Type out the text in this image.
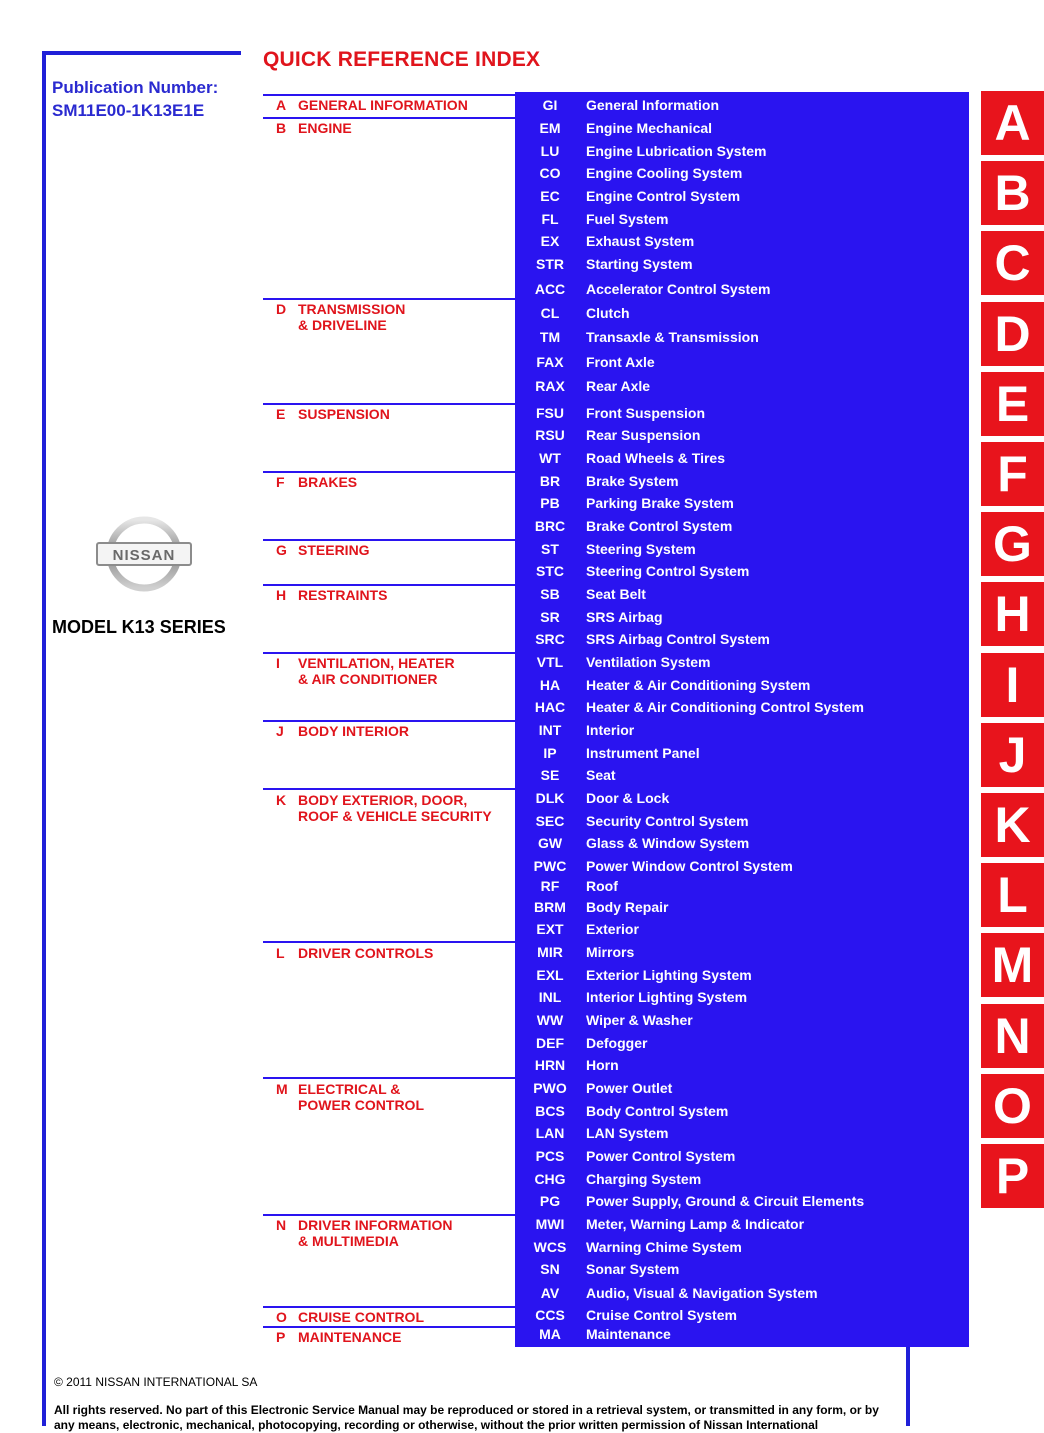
Publication Number:
SM11E00-1K13E1E
QUICK REFERENCE INDEX
NISSAN
MODEL K13 SERIES
A GENERAL INFORMATION
B ENGINE
D TRANSMISSION
& DRIVELINE
E SUSPENSION
F BRAKES
G STEERING
H RESTRAINTS
I VENTILATION, HEATER
& AIR CONDITIONER
J BODY INTERIOR
K BODY EXTERIOR, DOOR,
ROOF & VEHICLE SECURITY
L DRIVER CONTROLS
M ELECTRICAL &
POWER CONTROL
N DRIVER INFORMATION
& MULTIMEDIA
O CRUISE CONTROL
P MAINTENANCE
GI	General Information
EM	Engine Mechanical
LU	Engine Lubrication System
CO	Engine Cooling System
EC	Engine Control System
FL	Fuel System
EX	Exhaust System
STR	Starting System
ACC	Accelerator Control System
CL	Clutch
TM	Transaxle & Transmission
FAX	Front Axle
RAX	Rear Axle
FSU	Front Suspension
RSU	Rear Suspension
WT	Road Wheels & Tires
BR	Brake System
PB	Parking Brake System
BRC	Brake Control System
ST	Steering System
STC	Steering Control System
SB	Seat Belt
SR	SRS Airbag
SRC	SRS Airbag Control System
VTL	Ventilation System
HA	Heater & Air Conditioning System
HAC	Heater & Air Conditioning Control System
INT	Interior
IP	Instrument Panel
SE	Seat
DLK	Door & Lock
SEC	Security Control System
GW	Glass & Window System
PWC	Power Window Control System
RF	Roof
BRM	Body Repair
EXT	Exterior
MIR	Mirrors
EXL	Exterior Lighting System
INL	Interior Lighting System
WW	Wiper & Washer
DEF	Defogger
HRN	Horn
PWO	Power Outlet
BCS	Body Control System
LAN	LAN System
PCS	Power Control System
CHG	Charging System
PG	Power Supply, Ground & Circuit Elements
MWI	Meter, Warning Lamp & Indicator
WCS	Warning Chime System
SN	Sonar System
AV	Audio, Visual & Navigation System
CCS	Cruise Control System
MA	Maintenance
A
B
C
D
E
F
G
H
I
J
K
L
M
N
O
P
© 2011 NISSAN INTERNATIONAL SA
All rights reserved. No part of this Electronic Service Manual may be reproduced or stored in a retrieval system, or transmitted in any form, or by any means, electronic, mechanical, photocopying, recording or otherwise, without the prior written permission of Nissan International
